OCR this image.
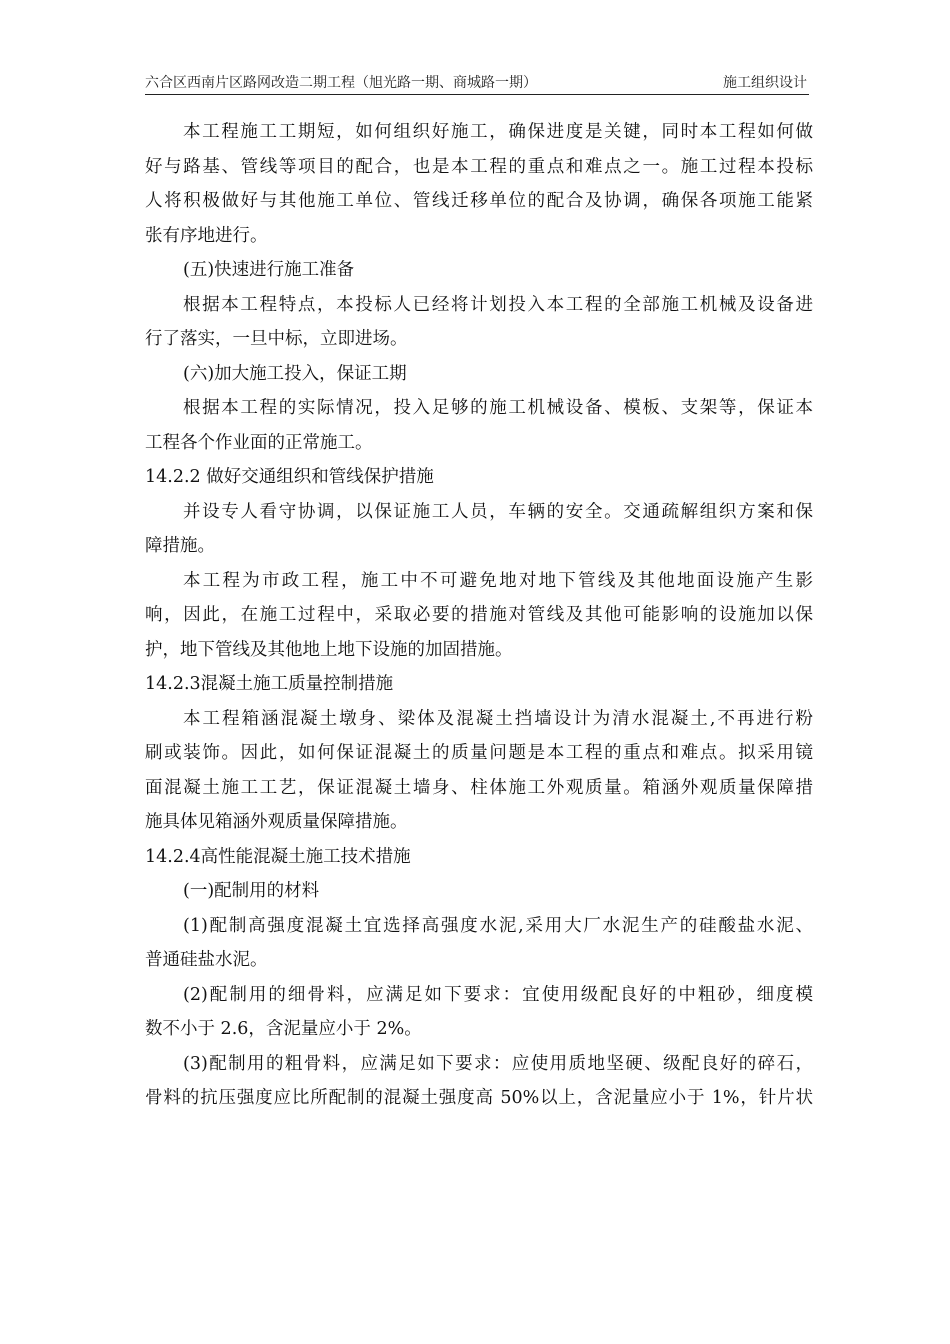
六合区西南片区路网改造二期工程（旭光路一期、商城路一期）	施工组织设计
本工程施工工期短，如何组织好施工，确保进度是关键，同时本工程如何做
好与路基、管线等项目的配合，也是本工程的重点和难点之一。施工过程本投标
人将积极做好与其他施工单位、管线迁移单位的配合及协调，确保各项施工能紧
张有序地进行。
(五)快速进行施工准备
根据本工程特点，本投标人已经将计划投入本工程的全部施工机械及设备进
行了落实，一旦中标，立即进场。
(六)加大施工投入，保证工期
根据本工程的实际情况，投入足够的施工机械设备、模板、支架等，保证本
工程各个作业面的正常施工。
14.2.2 做好交通组织和管线保护措施
并设专人看守协调，以保证施工人员，车辆的安全。交通疏解组织方案和保
障措施。
本工程为市政工程，施工中不可避免地对地下管线及其他地面设施产生影
响，因此，在施工过程中，采取必要的措施对管线及其他可能影响的设施加以保
护，地下管线及其他地上地下设施的加固措施。
14.2.3混凝土施工质量控制措施
本工程箱涵混凝土墩身、梁体及混凝土挡墙设计为清水混凝土,不再进行粉
刷或装饰。因此，如何保证混凝土的质量问题是本工程的重点和难点。拟采用镜
面混凝土施工工艺，保证混凝土墙身、柱体施工外观质量。箱涵外观质量保障措
施具体见箱涵外观质量保障措施。
14.2.4高性能混凝土施工技术措施
(一)配制用的材料
(1)配制高强度混凝土宜选择高强度水泥,采用大厂水泥生产的硅酸盐水泥、
普通硅盐水泥。
(2)配制用的细骨料，应满足如下要求：宜使用级配良好的中粗砂，细度模
数不小于 2.6，含泥量应小于 2%。
(3)配制用的粗骨料，应满足如下要求：应使用质地坚硬、级配良好的碎石，
骨料的抗压强度应比所配制的混凝土强度高 50%以上，含泥量应小于 1%，针片状
